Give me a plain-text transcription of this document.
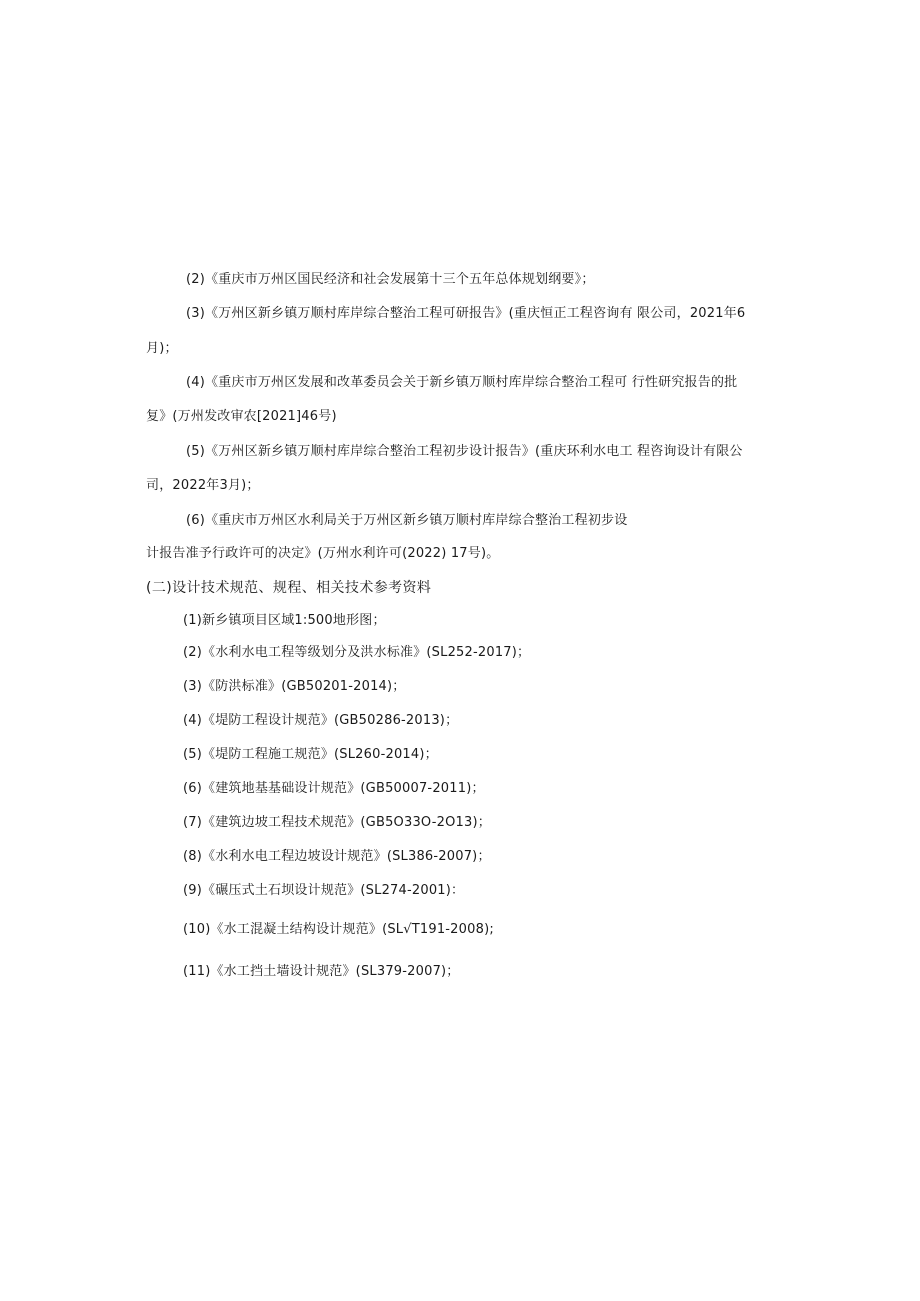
(2)《重庆市万州区国民经济和社会发展第十三个五年总体规划纲要》；
(3)《万州区新乡镇万顺村库岸综合整治工程可研报告》(重庆恒正工程咨询有 限公司，2021年6
月)；
(4)《重庆市万州区发展和改革委员会关于新乡镇万顺村库岸综合整治工程可 行性研究报告的批
复》(万州发改审农[2021]46号)
(5)《万州区新乡镇万顺村库岸综合整治工程初步设计报告》(重庆环利水电工 程咨询设计有限公
司，2022年3月)；
(6)《重庆市万州区水利局关于万州区新乡镇万顺村库岸综合整治工程初步设
计报告准予行政许可的决定》(万州水利许可(2022) 17号)。
(二)设计技术规范、规程、相关技术参考资料
(1)新乡镇项目区域1:500地形图；
(2)《水利水电工程等级划分及洪水标准》(SL252-2017)；
(3)《防洪标准》(GB50201-2014)；
(4)《堤防工程设计规范》(GB50286-2013)；
(5)《堤防工程施工规范》(SL260-2014)；
(6)《建筑地基基础设计规范》(GB50007-2011)；
(7)《建筑边坡工程技术规范》(GB5O33O-2O13)；
(8)《水利水电工程边坡设计规范》(SL386-2007)；
(9)《碾压式土石坝设计规范》(SL274-2001)：
(10)《水工混凝土结构设计规范》(SL√T191-2008);
(11)《水工挡土墙设计规范》(SL379-2007)；
